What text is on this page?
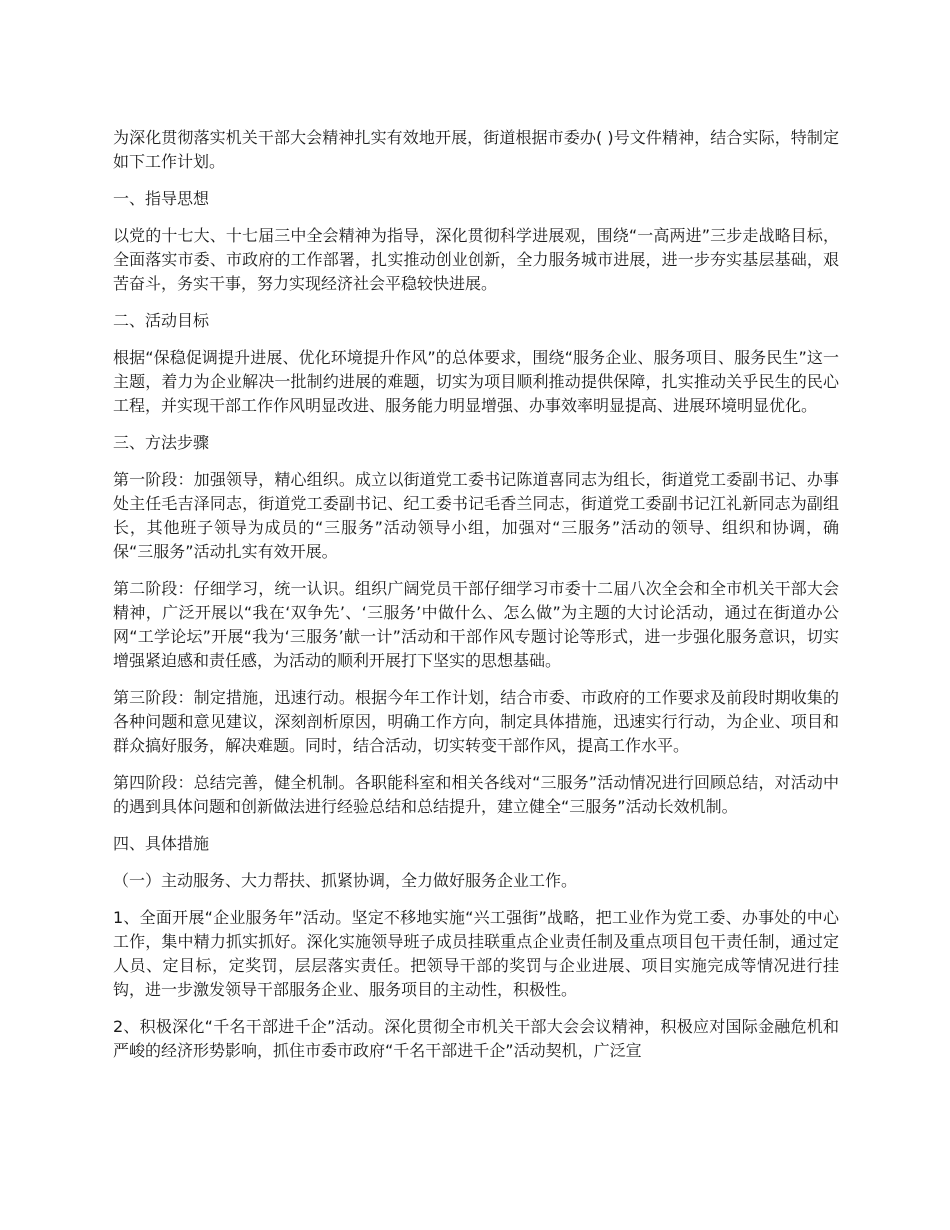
为深化贯彻落实机关干部大会精神扎实有效地开展，街道根据市委办( )号文件精神，结合实际，特制定如下工作计划。

一、指导思想

以党的十七大、十七届三中全会精神为指导，深化贯彻科学进展观，围绕“一高两进”三步走战略目标，全面落实市委、市政府的工作部署，扎实推动创业创新，全力服务城市进展，进一步夯实基层基础，艰苦奋斗，务实干事，努力实现经济社会平稳较快进展。

二、活动目标

根据“保稳促调提升进展、优化环境提升作风”的总体要求，围绕“服务企业、服务项目、服务民生”这一主题，着力为企业解决一批制约进展的难题，切实为项目顺利推动提供保障，扎实推动关乎民生的民心工程，并实现干部工作作风明显改进、服务能力明显增强、办事效率明显提高、进展环境明显优化。

三、方法步骤

第一阶段：加强领导，精心组织。成立以街道党工委书记陈道喜同志为组长，街道党工委副书记、办事处主任毛吉泽同志，街道党工委副书记、纪工委书记毛香兰同志，街道党工委副书记江礼新同志为副组长，其他班子领导为成员的“三服务”活动领导小组，加强对“三服务”活动的领导、组织和协调，确保“三服务”活动扎实有效开展。

第二阶段：仔细学习，统一认识。组织广阔党员干部仔细学习市委十二届八次全会和全市机关干部大会精神，广泛开展以“我在‘双争先’、‘三服务’中做什么、怎么做”为主题的大讨论活动，通过在街道办公网“工学论坛”开展“我为‘三服务’献一计”活动和干部作风专题讨论等形式，进一步强化服务意识，切实增强紧迫感和责任感，为活动的顺利开展打下坚实的思想基础。

第三阶段：制定措施，迅速行动。根据今年工作计划，结合市委、市政府的工作要求及前段时期收集的各种问题和意见建议，深刻剖析原因，明确工作方向，制定具体措施，迅速实行行动，为企业、项目和群众搞好服务，解决难题。同时，结合活动，切实转变干部作风，提高工作水平。

第四阶段：总结完善，健全机制。各职能科室和相关各线对“三服务”活动情况进行回顾总结，对活动中的遇到具体问题和创新做法进行经验总结和总结提升，建立健全“三服务”活动长效机制。

四、具体措施

（一）主动服务、大力帮扶、抓紧协调，全力做好服务企业工作。

1、全面开展“企业服务年”活动。坚定不移地实施“兴工强街”战略，把工业作为党工委、办事处的中心工作，集中精力抓实抓好。深化实施领导班子成员挂联重点企业责任制及重点项目包干责任制，通过定人员、定目标，定奖罚，层层落实责任。把领导干部的奖罚与企业进展、项目实施完成等情况进行挂钩，进一步激发领导干部服务企业、服务项目的主动性，积极性。

2、积极深化“千名干部进千企”活动。深化贯彻全市机关干部大会会议精神，积极应对国际金融危机和严峻的经济形势影响，抓住市委市政府“千名干部进千企”活动契机，广泛宣
